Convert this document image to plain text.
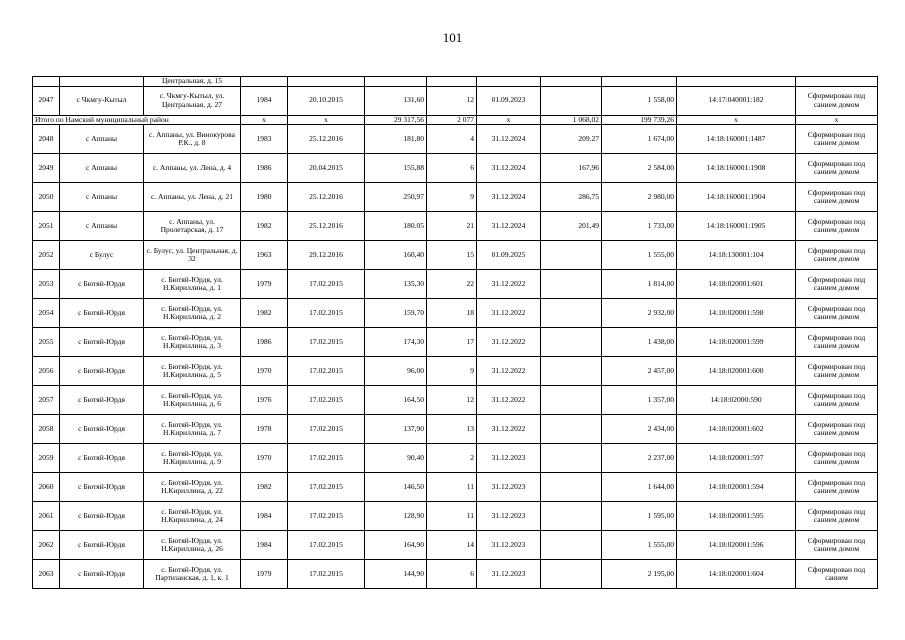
101
		Центральная, д. 15									
2047	с Чкмгу-Кытыл	с. Чкмгу-Кытыл, ул. Центральная, д. 27	1984	20.10.2015	131,60	12	01.09.2023		1 558,00	14:17:040001:182	Сформирован под санием домом
Итого по Намский муниципальный район			x	x	29 317,56	2 077	x	1 068,02	199 739,26	x	x
2048	с Аппаны	с. Аппаны, ул. Винокурова Р.К., д. 8	1983	25.12.2016	181,80	4	31.12.2024	209.27	1 674,00	14:18:160001:1487	Сформирован под санием домом
2049	с Аппаны	с. Аппаны, ул. Лена, д. 4	1986	20.04.2015	155,88	6	31.12.2024	167,96	2 584,00	14:18:160001:1908	Сформирован под санием домом
2050	с Аппаны	с. Аппаны, ул. Лена, д. 21	1980	25.12.2016	250,97	9	31.12.2024	286,75	2 980,00	14:18:160001:1904	Сформирован под санием домом
2051	с Аппаны	с. Аппаны, ул. Пролетарская, д. 17	1982	25.12.2016	180.05	21	31.12.2024	201,49	1 733,00	14:18:160001:1905	Сформирован под санием домом
2052	с Булус	с. Булус, ул. Центральная, д. 32	1963	29.12.2016	160,40	15	01.09.2025		1 555,00	14:18:130001:104	Сформирован под санием домом
2053	с Бютяй-Юрдя	с. Бютяй-Юрдя, ул. Н.Кириллина, д. 1	1979	17.02.2015	135,30	22	31.12.2022		1 814,00	14:18:020001:601	Сформирован под санием домом
2054	с Бютяй-Юрдя	с. Бютяй-Юрдя, ул. Н.Кириллина, д. 2	1982	17.02.2015	159,70	18	31.12.2022		2 932,00	14:18:020001:598	Сформирован под санием домом
2055	с Бютяй-Юрдя	с. Бютяй-Юрдя, ул. Н.Кириллина, д. 3	1986	17.02.2015	174,30	17	31.12.2022		1 438,00	14:18:020001:599	Сформирован под санием домом
2056	с Бютяй-Юрдя	с. Бютяй-Юрдя, ул. Н.Кириллина, д. 5	1970	17.02.2015	96,00	9	31.12.2022		2 457,00	14:18:020001:600	Сформирован под санием домом
2057	с Бютяй-Юрдя	с. Бютяй-Юрдя, ул. Н.Кириллина, д. 6	1976	17.02.2015	164,50	12	31.12.2022		1 357,00	14:18:02000:590	Сформирован под санием домом
2058	с Бютяй-Юрдя	с. Бютяй-Юрдя, ул. Н.Кириллина, д. 7	1978	17.02.2015	137,90	13	31.12.2022		2 434,00	14:18:020001:602	Сформирован под санием домом
2059	с Бютяй-Юрдя	с. Бютяй-Юрдя, ул. Н.Кириллина, д. 9	1970	17.02.2015	90,40	2	31.12.2023		2 237,00	14:18:020001:597	Сформирован под санием домом
2060	с Бютяй-Юрдя	с. Бютяй-Юрдя, ул. Н.Кириллина, д. 22	1982	17.02.2015	146,50	11	31.12.2023		1 644,00	14:18:020001:594	Сформирован под санием домом
2061	с Бютяй-Юрдя	с. Бютяй-Юрдя, ул. Н.Кириллина, д. 24	1984	17.02.2015	128,90	11	31.12.2023		1 595,00	14:18:020001:595	Сформирован под санием домом
2062	с Бютяй-Юрдя	с. Бютяй-Юрдя, ул. Н.Кириллина, д. 26	1984	17.02.2015	164,90	14	31.12.2023		1 555,00	14:18:020001:596	Сформирован под санием домом
2063	с Бютяй-Юрдя	с. Бютяй-Юрдя, ул. Партизанская, д. 1, к. 1	1979	17.02.2015	144,90	6	31.12.2023		2 195,00	14:18:020001:604	Сформирован под санием
